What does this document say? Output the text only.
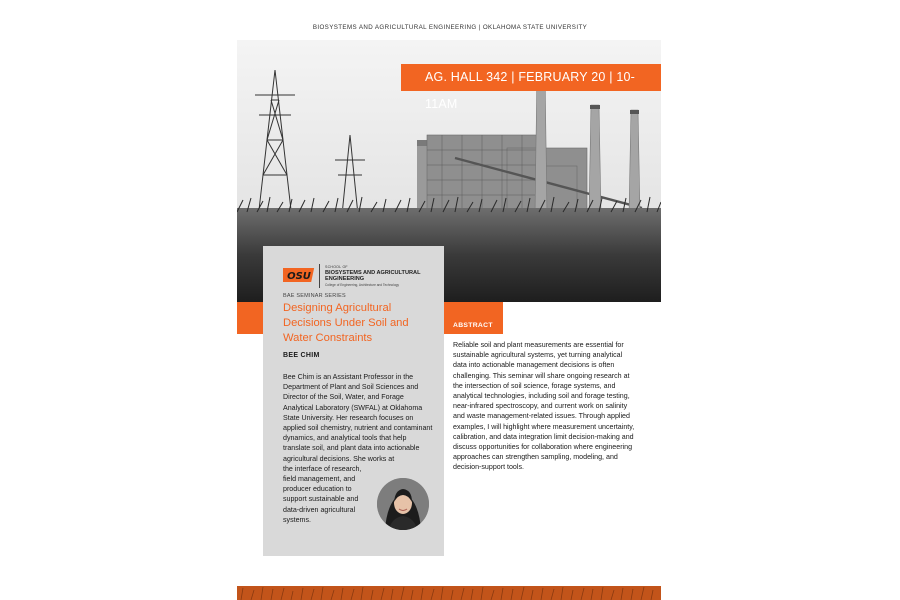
BIOSYSTEMS AND AGRICULTURAL ENGINEERING | OKLAHOMA STATE UNIVERSITY
AG. HALL 342 | FEBRUARY 20 | 10-11AM
ABSTRACT
OSU
SCHOOL OF
BIOSYSTEMS AND AGRICULTURAL ENGINEERING
College of Engineering, Architecture and Technology
BAE SEMINAR SERIES
Designing Agricultural Decisions Under Soil and Water Constraints
BEE CHIM
Bee Chim is an Assistant Professor in the Department of Plant and Soil Sciences and Director of the Soil, Water, and Forage Analytical Laboratory (SWFAL) at Oklahoma State University. Her research focuses on applied soil chemistry, nutrient and contaminant dynamics, and analytical tools that help translate soil, and plant data into actionable agricultural decisions. She works at
the interface of research, field management, and producer education to support sustainable and data-driven agricultural systems.
Reliable soil and plant measurements are essential for sustainable agricultural systems, yet turning analytical data into actionable management decisions is often challenging. This seminar will share ongoing research at the intersection of soil science, forage systems, and analytical technologies, including soil and forage testing, near-infrared spectroscopy, and current work on salinity and waste management-related issues. Through applied examples, I will highlight where measurement uncertainty, calibration, and data integration limit decision-making and discuss opportunities for collaboration where engineering approaches can strengthen sampling, modeling, and decision-support tools.
